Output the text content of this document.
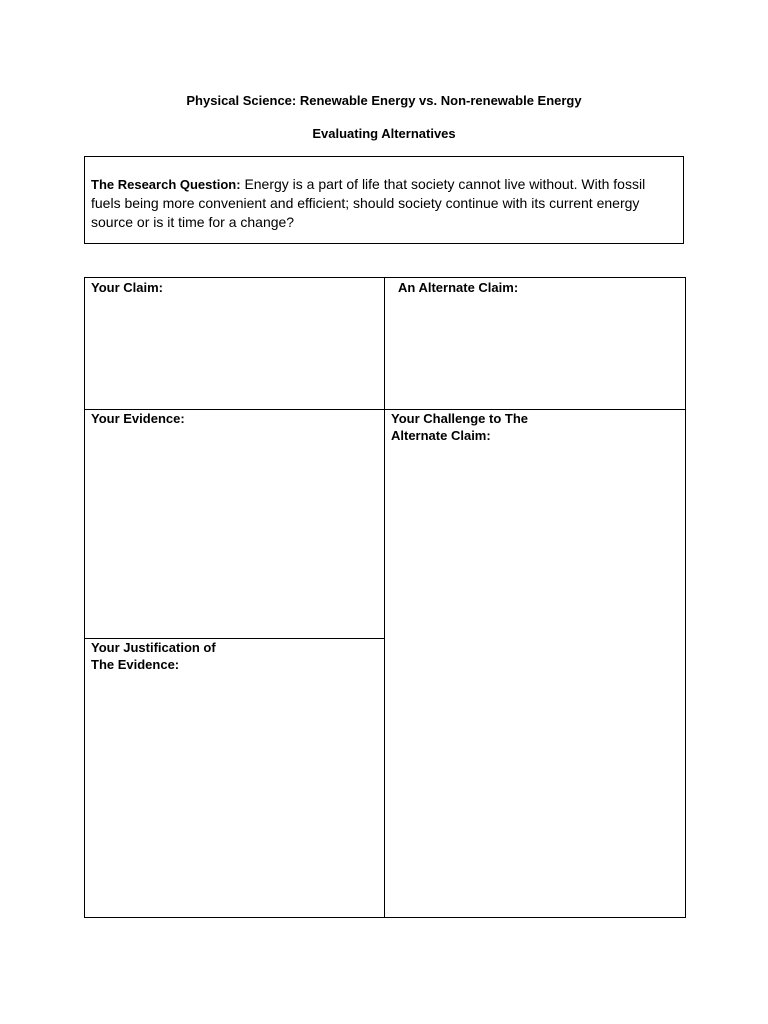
Physical Science: Renewable Energy vs. Non-renewable Energy
Evaluating Alternatives
The Research Question: Energy is a part of life that society cannot live without. With fossil fuels being more convenient and efficient; should society continue with its current energy source or is it time for a change?
Your Claim:	An Alternate Claim:
Your Evidence:	Your Challenge to The
Alternate Claim:
Your Justification of
The Evidence:
